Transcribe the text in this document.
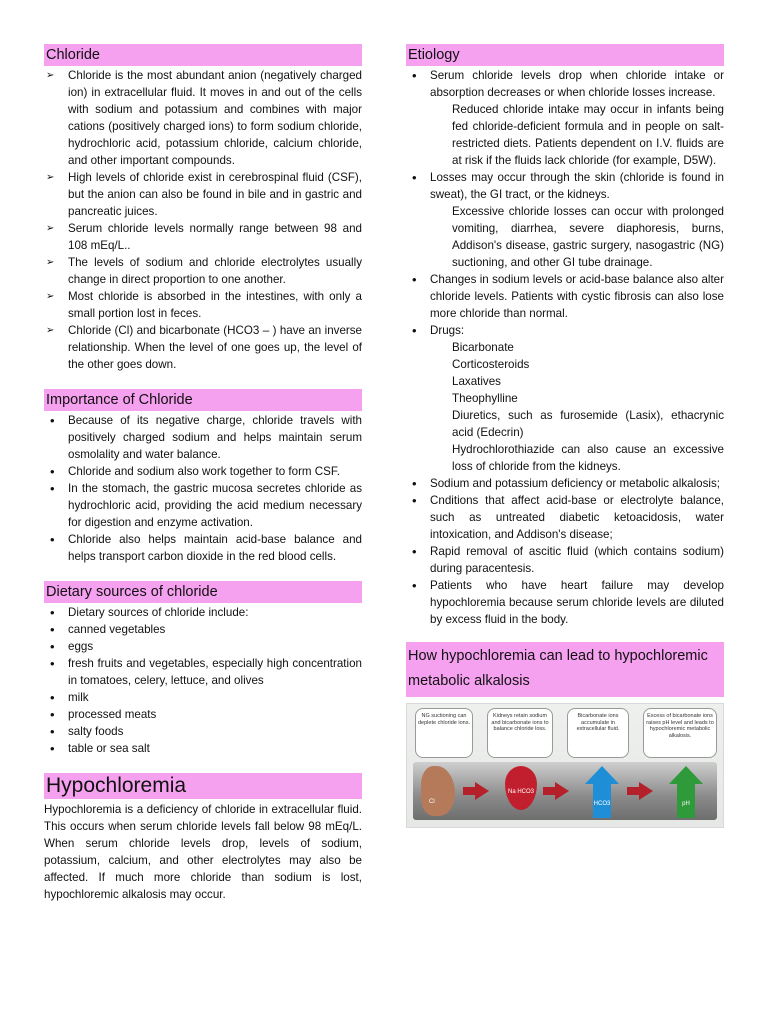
Chloride
➢ Chloride is the most abundant anion (negatively charged ion) in extracellular fluid. It moves in and out of the cells with sodium and potassium and combines with major cations (positively charged ions) to form sodium chloride, hydrochloric acid, potassium chloride, calcium chloride, and other important compounds.
➢ High levels of chloride exist in cerebrospinal fluid (CSF), but the anion can also be found in bile and in gastric and pancreatic juices.
➢ Serum chloride levels normally range between 98 and 108 mEq/L..
➢ The levels of sodium and chloride electrolytes usually change in direct proportion to one another.
➢ Most chloride is absorbed in the intestines, with only a small portion lost in feces.
➢ Chloride (Cl) and bicarbonate (HCO3 – ) have an inverse relationship. When the level of one goes up, the level of the other goes down.
Importance of Chloride
• Because of its negative charge, chloride travels with positively charged sodium and helps maintain serum osmolality and water balance.
• Chloride and sodium also work together to form CSF.
• In the stomach, the gastric mucosa secretes chloride as hydrochloric acid, providing the acid medium necessary for digestion and enzyme activation.
• Chloride also helps maintain acid-base balance and helps transport carbon dioxide in the red blood cells.
Dietary sources of chloride
• Dietary sources of chloride include:
• canned vegetables
• eggs
• fresh fruits and vegetables, especially high concentration in tomatoes, celery, lettuce, and olives
• milk
• processed meats
• salty foods
• table or sea salt
Hypochloremia

Hypochloremia is a deficiency of chloride in extracellular fluid. This occurs when serum chloride levels fall below 98 mEq/L. When serum chloride levels drop, levels of sodium, potassium, calcium, and other electrolytes may also be affected. If much more chloride than sodium is lost, hypochloremic alkalosis may occur.

Etiology
• Serum chloride levels drop when chloride intake or absorption decreases or when chloride losses increase.
Reduced chloride intake may occur in infants being fed chloride-deficient formula and in people on salt-restricted diets. Patients dependent on I.V. fluids are at risk if the fluids lack chloride (for example, D5W).
• Losses may occur through the skin (chloride is found in sweat), the GI tract, or the kidneys.
Excessive chloride losses can occur with prolonged vomiting, diarrhea, severe diaphoresis, burns, Addison's disease, gastric surgery, nasogastric (NG) suctioning, and other GI tube drainage.
• Changes in sodium levels or acid-base balance also alter chloride levels. Patients with cystic fibrosis can also lose more chloride than normal.
• Drugs:
Bicarbonate
Corticosteroids
Laxatives
Theophylline
Diuretics, such as furosemide (Lasix), ethacrynic acid (Edecrin)
Hydrochlorothiazide can also cause an excessive loss of chloride from the kidneys.
• Sodium and potassium deficiency or metabolic alkalosis;
• Cnditions that affect acid-base or electrolyte balance, such as untreated diabetic ketoacidosis, water intoxication, and Addison's disease;
• Rapid removal of ascitic fluid (which contains sodium) during paracentesis.
• Patients who have heart failure may develop hypochloremia because serum chloride levels are diluted by excess fluid in the body.
How hypochloremia can lead to hypochloremic metabolic alkalosis
NG suctioning can deplete chloride ions.
Kidneys retain sodium and bicarbonate ions to balance chloride loss.
Bicarbonate ions accumulate in extracellular fluid.
Excess of bicarbonate ions raises pH level and leads to hypochloremic metabolic alkalosis.
Cl
Na HCO3
HCO3	pH
